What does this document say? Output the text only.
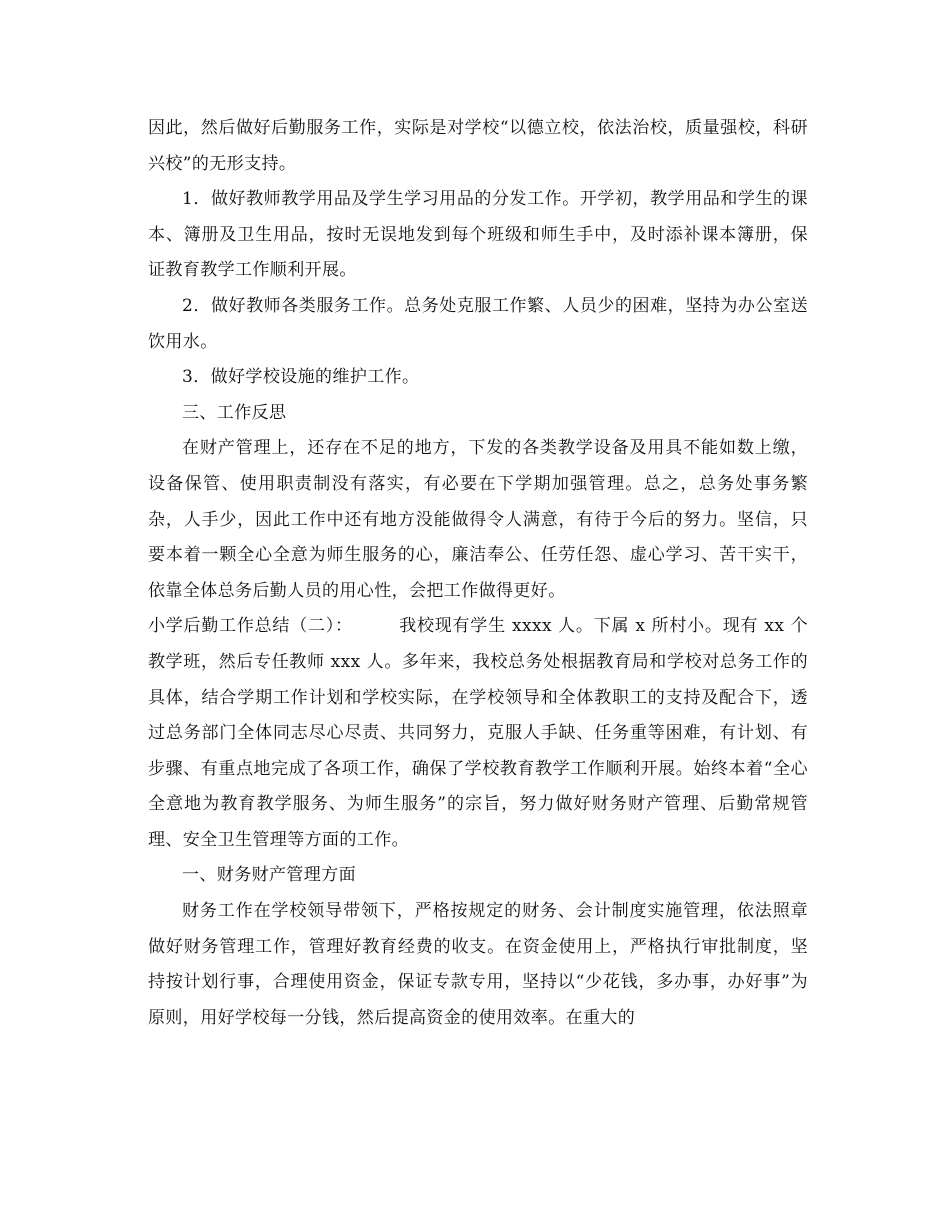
因此，然后做好后勤服务工作，实际是对学校“以德立校，依法治校，质量强校，科研兴校”的无形支持。

1．做好教师教学用品及学生学习用品的分发工作。开学初，教学用品和学生的课本、簿册及卫生用品，按时无误地发到每个班级和师生手中，及时添补课本簿册，保证教育教学工作顺利开展。

2．做好教师各类服务工作。总务处克服工作繁、人员少的困难，坚持为办公室送饮用水。

3．做好学校设施的维护工作。

三、工作反思

在财产管理上，还存在不足的地方，下发的各类教学设备及用具不能如数上缴，设备保管、使用职责制没有落实，有必要在下学期加强管理。总之，总务处事务繁杂，人手少，因此工作中还有地方没能做得令人满意，有待于今后的努力。坚信，只要本着一颗全心全意为师生服务的心，廉洁奉公、任劳任怨、虚心学习、苦干实干，依靠全体总务后勤人员的用心性，会把工作做得更好。

小学后勤工作总结（二）：	我校现有学生 xxxx 人。下属 x 所村小。现有 xx 个教学班，然后专任教师 xxx 人。多年来，我校总务处根据教育局和学校对总务工作的具体，结合学期工作计划和学校实际，在学校领导和全体教职工的支持及配合下，透过总务部门全体同志尽心尽责、共同努力，克服人手缺、任务重等困难，有计划、有步骤、有重点地完成了各项工作，确保了学校教育教学工作顺利开展。始终本着“全心全意地为教育教学服务、为师生服务”的宗旨，努力做好财务财产管理、后勤常规管理、安全卫生管理等方面的工作。

一、财务财产管理方面

财务工作在学校领导带领下，严格按规定的财务、会计制度实施管理，依法照章做好财务管理工作，管理好教育经费的收支。在资金使用上，严格执行审批制度，坚持按计划行事，合理使用资金，保证专款专用，坚持以“少花钱，多办事，办好事”为原则，用好学校每一分钱，然后提高资金的使用效率。在重大的
